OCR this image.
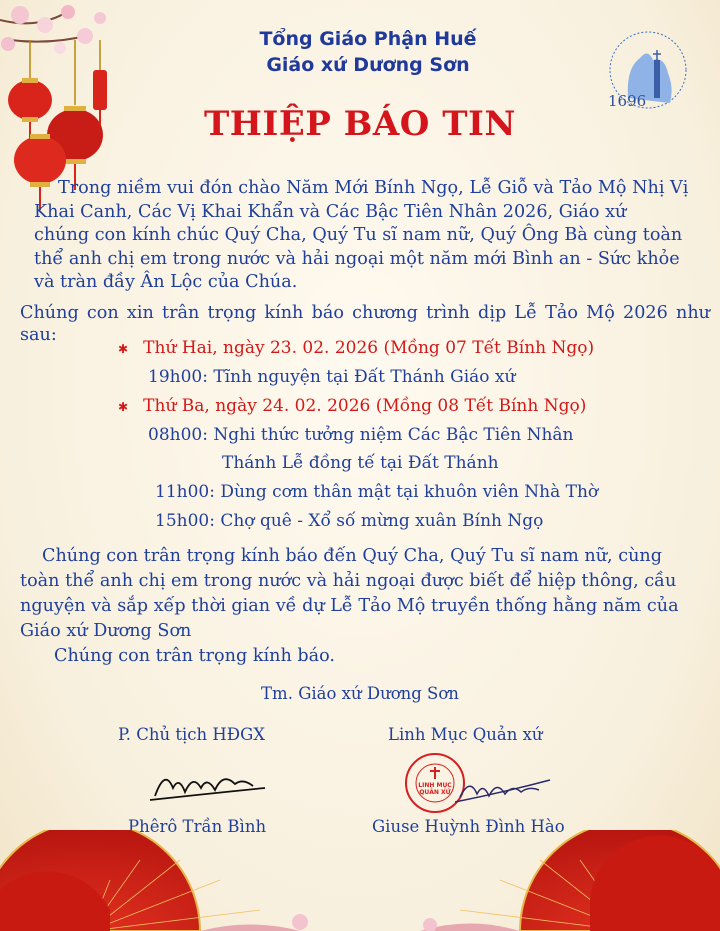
Tổng Giáo Phận Huế
Giáo xứ Dương Sơn
1696
THIỆP BÁO TIN
Trong niềm vui đón chào Năm Mới Bính Ngọ, Lễ Giỗ và Tảo Mộ Nhị Vị
Khai Canh, Các Vị Khai Khẩn và Các Bậc Tiên Nhân 2026, Giáo xứ
chúng con kính chúc Quý Cha, Quý Tu sĩ nam nữ, Quý Ông Bà cùng toàn
thể anh chị em trong nước và hải ngoại một năm mới Bình an - Sức khỏe
và tràn đầy Ân Lộc của Chúa.
Chúng con xin trân trọng kính báo chương trình dịp Lễ Tảo Mộ 2026 như sau:
✱ Thứ Hai, ngày 23. 02. 2026 (Mồng 07 Tết Bính Ngọ)
19h00: Tĩnh nguyện tại Đất Thánh Giáo xứ
✱ Thứ Ba, ngày 24. 02. 2026 (Mồng 08 Tết Bính Ngọ)
08h00: Nghi thức tưởng niệm Các Bậc Tiên Nhân
Thánh Lễ đồng tế tại Đất Thánh
11h00: Dùng cơm thân mật tại khuôn viên Nhà Thờ
15h00: Chợ quê - Xổ số mừng xuân Bính Ngọ
Chúng con trân trọng kính báo đến Quý Cha, Quý Tu sĩ nam nữ, cùng
toàn thể anh chị em trong nước và hải ngoại được biết để hiệp thông, cầu
nguyện và sắp xếp thời gian về dự Lễ Tảo Mộ truyền thống hằng năm của
Giáo xứ Dương Sơn
Chúng con trân trọng kính báo.
Tm. Giáo xứ Dương Sơn
P. Chủ tịch HĐGX	Linh Mục Quản xứ
LINH MỤC
QUẢN XỨ
Phêrô Trần Bình	Giuse Huỳnh Đình Hào
